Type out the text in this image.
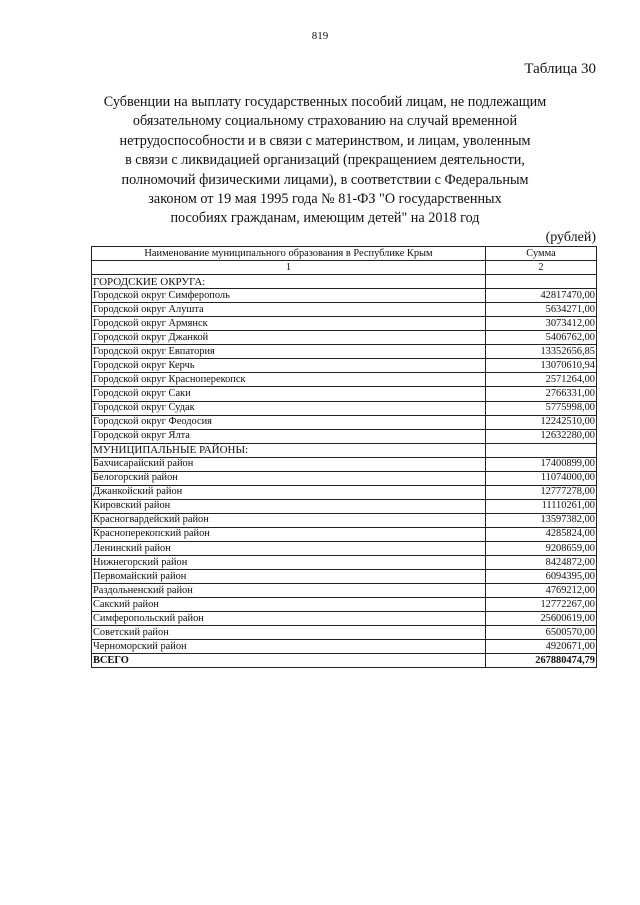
819
Таблица 30
Субвенции на выплату государственных пособий лицам, не подлежащим
обязательному социальному страхованию на случай временной
нетрудоспособности и в связи с материнством, и лицам, уволенным
в связи с ликвидацией организаций (прекращением деятельности,
полномочий физическими лицами), в соответствии с Федеральным
законом от 19 мая 1995 года № 81-ФЗ "О государственных
пособиях гражданам, имеющим детей" на 2018 год
(рублей)
Наименование муниципального образования в Республике Крым	Сумма
1	2
ГОРОДСКИЕ ОКРУГА:	
Городской округ Симферополь	42817470,00
Городской округ Алушта	5634271,00
Городской округ Армянск	3073412,00
Городской округ Джанкой	5406762,00
Городской округ Евпатория	13352656,85
Городской округ Керчь	13070610,94
Городской округ Красноперекопск	2571264,00
Городской округ Саки	2766331,00
Городской округ Судак	5775998,00
Городской округ Феодосия	12242510,00
Городской округ Ялта	12632280,00
МУНИЦИПАЛЬНЫЕ РАЙОНЫ:	
Бахчисарайский район	17400899,00
Белогорский район	11074000,00
Джанкойский район	12777278,00
Кировский район	11110261,00
Красногвардейский район	13597382,00
Красноперекопский район	4285824,00
Ленинский район	9208659,00
Нижнегорский район	8424872,00
Первомайский район	6094395,00
Раздольненский район	4769212,00
Сакский район	12772267,00
Симферопольский район	25600619,00
Советский район	6500570,00
Черноморский район	4920671,00
ВСЕГО	267880474,79
